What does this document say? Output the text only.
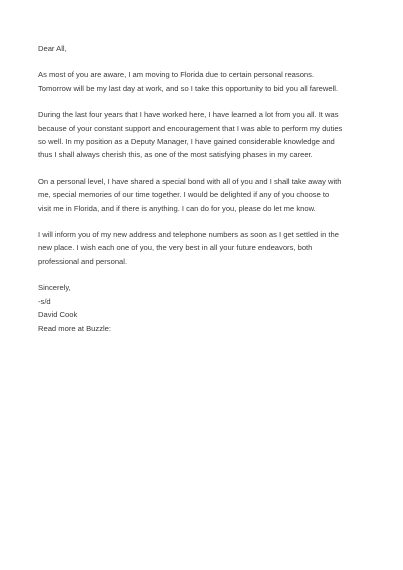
Dear All,
As most of you are aware, I am moving to Florida due to certain personal reasons.
Tomorrow will be my last day at work, and so I take this opportunity to bid you all farewell.
During the last four years that I have worked here, I have learned a lot from you all. It was
because of your constant support and encouragement that I was able to perform my duties
so well. In my position as a Deputy Manager, I have gained considerable knowledge and
thus I shall always cherish this, as one of the most satisfying phases in my career.
On a personal level, I have shared a special bond with all of you and I shall take away with
me, special memories of our time together. I would be delighted if any of you choose to
visit me in Florida, and if there is anything. I can do for you, please do let me know.
I will inform you of my new address and telephone numbers as soon as I get settled in the
new place. I wish each one of you, the very best in all your future endeavors, both
professional and personal.
Sincerely,
-s/d
David Cook
Read more at Buzzle:
